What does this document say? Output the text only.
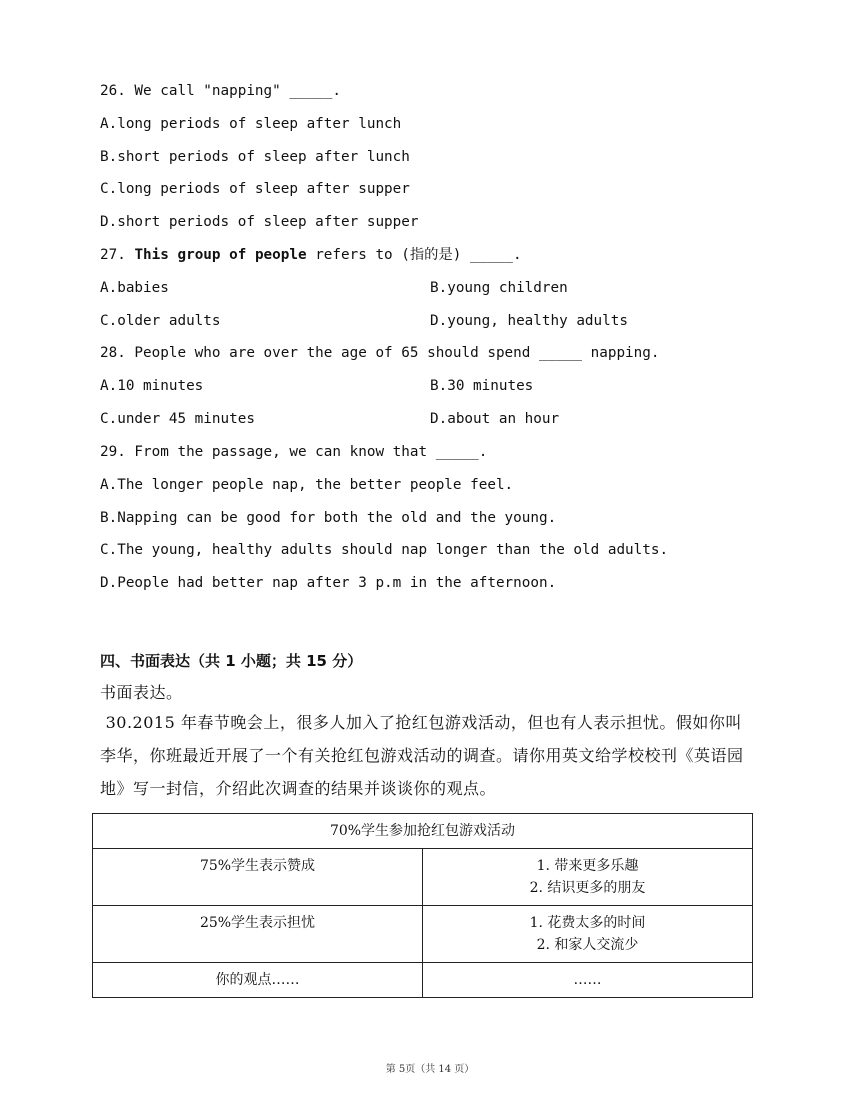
26. We call "napping" _____.
A.long periods of sleep after lunch
B.short periods of sleep after lunch
C.long periods of sleep after supper
D.short periods of sleep after supper
27. This group of people refers to (指的是) _____.
A.babies	B.young children
C.older adults	D.young, healthy adults
28. People who are over the age of 65 should spend _____ napping.
A.10 minutes	B.30 minutes
C.under 45 minutes	D.about an hour
29. From the passage, we can know that _____.
A.The longer people nap, the better people feel.
B.Napping can be good for both the old and the young.
C.The young, healthy adults should nap longer than the old adults.
D.People had better nap after 3 p.m in the afternoon.
四、书面表达（共 1 小题；共 15 分）
书面表达。
30.2015 年春节晚会上，很多人加入了抢红包游戏活动，但也有人表示担忧。假如你叫
李华，你班最近开展了一个有关抢红包游戏活动的调查。请你用英文给学校校刊《英语园
地》写一封信，介绍此次调查的结果并谈谈你的观点。
70%学生参加抢红包游戏活动	
75%学生表示赞成	1. 带来更多乐趣
2. 结识更多的朋友

25%学生表示担忧	1. 花费太多的时间
2. 和家人交流少

你的观点……	……
第 5页（共 14 页）
